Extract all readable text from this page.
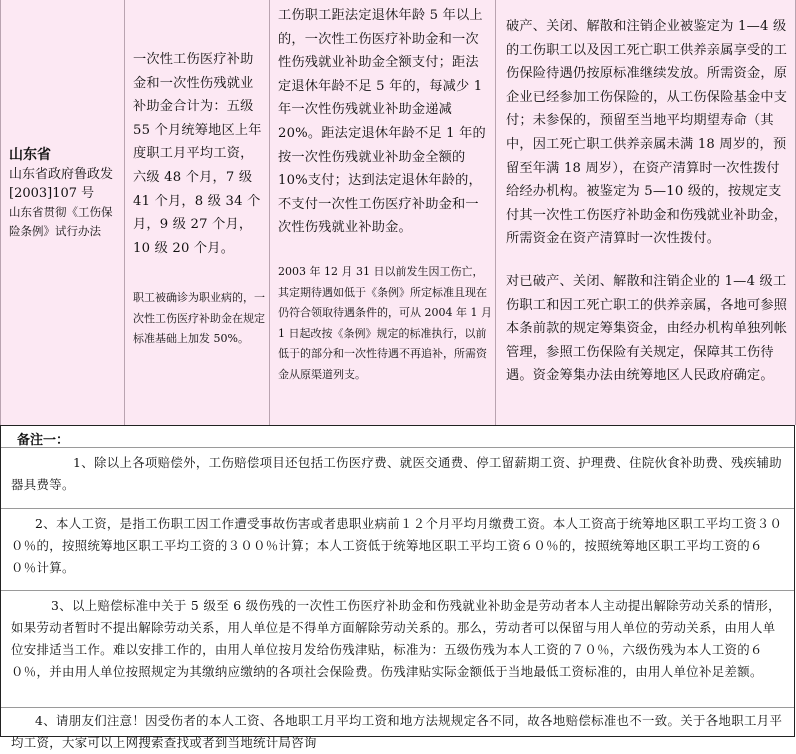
山东省
山东省政府鲁政发[2003]107 号
山东省贯彻《工伤保险条例》试行办法
一次性工伤医疗补助金和一次性伤残就业补助金合计为：五级 55 个月统筹地区上年度职工月平均工资，六级 48 个月，7 级 41 个月，8 级 34 个月，9 级 27 个月，10 级 20 个月。
职工被确诊为职业病的，一次性工伤医疗补助金在规定标准基础上加发 50%。
工伤职工距法定退休年龄 5 年以上的，一次性工伤医疗补助金和一次性伤残就业补助金全额支付；距法定退休年龄不足 5 年的，每减少 1 年一次性伤残就业补助金递减 20%。距法定退休年龄不足 1 年的按一次性伤残就业补助金全额的 10%支付；达到法定退休年龄的，不支付一次性工伤医疗补助金和一次性伤残就业补助金。
2003 年 12 月 31 日以前发生因工伤亡，其定期待遇如低于《条例》所定标准且现在仍符合领取待遇条件的，可从 2004 年 1 月 1 日起改按《条例》规定的标准执行，以前低于的部分和一次性待遇不再追补，所需资金从原渠道列支。
破产、关闭、解散和注销企业被鉴定为 1—4 级的工伤职工以及因工死亡职工供养亲属享受的工伤保险待遇仍按原标准继续发放。所需资金，原企业已经参加工伤保险的，从工伤保险基金中支付；未参保的，预留至当地平均期望寿命（其中，因工死亡职工供养亲属未满 18 周岁的，预留至年满 18 周岁），在资产清算时一次性拨付给经办机构。被鉴定为 5—10 级的，按规定支付其一次性工伤医疗补助金和伤残就业补助金，所需资金在资产清算时一次性拨付。
对已破产、关闭、解散和注销企业的 1—4 级工伤职工和因工死亡职工的供养亲属，各地可参照本条前款的规定筹集资金，由经办机构单独列帐管理，参照工伤保险有关规定，保障其工伤待遇。资金筹集办法由统筹地区人民政府确定。
备注一：
1、除以上各项赔偿外，工伤赔偿项目还包括工伤医疗费、就医交通费、停工留薪期工资、护理费、住院伙食补助费、残疾辅助器具费等。
2、本人工资，是指工伤职工因工作遭受事故伤害或者患职业病前１２个月平均月缴费工资。本人工资高于统筹地区职工平均工资３００％的，按照统筹地区职工平均工资的３００％计算；本人工资低于统筹地区职工平均工资６０％的，按照统筹地区职工平均工资的６０％计算。
3、以上赔偿标准中关于 5 级至 6 级伤残的一次性工伤医疗补助金和伤残就业补助金是劳动者本人主动提出解除劳动关系的情形，如果劳动者暂时不提出解除劳动关系，用人单位是不得单方面解除劳动关系的。那么，劳动者可以保留与用人单位的劳动关系，由用人单位安排适当工作。难以安排工作的，由用人单位按月发给伤残津贴，标准为：五级伤残为本人工资的７０％，六级伤残为本人工资的６０％，并由用人单位按照规定为其缴纳应缴纳的各项社会保险费。伤残津贴实际金额低于当地最低工资标准的，由用人单位补足差额。
4、请朋友们注意！因受伤者的本人工资、各地职工月平均工资和地方法规规定各不同，故各地赔偿标准也不一致。关于各地职工月平均工资，大家可以上网搜索查找或者到当地统计局咨询
